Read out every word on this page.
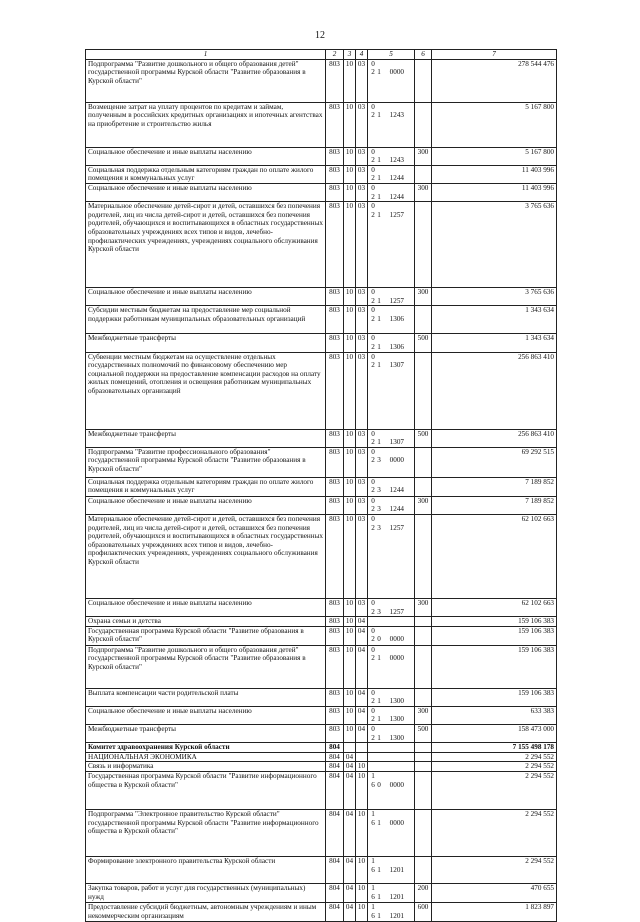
12
1	2	3	4	5	6	7
Подпрограмма "Развитие дошкольного и общего образования детей" государственной программы Курской области "Развитие образования в Курской области"	803	10	03	02 1 0000		278 544 476
Возмещение затрат на уплату процентов по кредитам и займам, полученным в российских кредитных организациях и ипотечных агентствах на приобретение и строительство жилья	803	10	03	02 1 1243		5 167 800
Социальное обеспечение и иные выплаты населению	803	10	03	02 1 1243	300	5 167 800
Социальная поддержка отдельным категориям граждан по оплате жилого помещения и коммунальных услуг	803	10	03	02 1 1244		11 403 996
Социальное обеспечение и иные выплаты населению	803	10	03	02 1 1244	300	11 403 996
Материальное обеспечение детей-сирот и детей, оставшихся без попечения родителей, лиц из числа детей-сирот и детей, оставшихся без попечения родителей, обучающихся и воспитывающихся в областных государственных образовательных учреждениях всех типов и видов, лечебно-профилактических учреждениях, учреждениях социального обслуживания Курской области	803	10	03	02 1 1257		3 765 636
Социальное обеспечение и иные выплаты населению	803	10	03	02 1 1257	300	3 765 636
Субсидии местным бюджетам на предоставление мер социальной поддержки работникам муниципальных образовательных организаций	803	10	03	02 1 1306		1 343 634
Межбюджетные трансферты	803	10	03	02 1 1306	500	1 343 634
Субвенции местным бюджетам на осуществление отдельных государственных полномочий по финансовому обеспечению мер социальной поддержки на предоставление компенсации расходов на оплату жилых помещений, отопления и освещения работникам муниципальных образовательных организаций	803	10	03	02 1 1307		256 863 410
Межбюджетные трансферты	803	10	03	02 1 1307	500	256 863 410
Подпрограмма "Развитие профессионального образования" государственной программы Курской области "Развитие образования в Курской области"	803	10	03	02 3 0000		69 292 515
Социальная поддержка отдельным категориям граждан по оплате жилого помещения и коммунальных услуг	803	10	03	02 3 1244		7 189 852
Социальное обеспечение и иные выплаты населению	803	10	03	02 3 1244	300	7 189 852
Материальное обеспечение детей-сирот и детей, оставшихся без попечения родителей, лиц из числа детей-сирот и детей, оставшихся без попечения родителей, обучающихся и воспитывающихся в областных государственных образовательных учреждениях всех типов и видов, лечебно-профилактических учреждениях, учреждениях социального обслуживания Курской области	803	10	03	02 3 1257		62 102 663
Социальное обеспечение и иные выплаты населению	803	10	03	02 3 1257	300	62 102 663
Охрана семьи и детства	803	10	04			159 106 383
Государственная программа Курской области "Развитие образования в Курской области"	803	10	04	02 0 0000		159 106 383
Подпрограмма "Развитие дошкольного и общего образования детей" государственной программы Курской области "Развитие образования в Курской области"	803	10	04	02 1 0000		159 106 383
Выплата компенсации части родительской платы	803	10	04	02 1 1300		159 106 383
Социальное обеспечение и иные выплаты населению	803	10	04	02 1 1300	300	633 383
Межбюджетные трансферты	803	10	04	02 1 1300	500	158 473 000
Комитет здравоохранения Курской области	804					7 155 498 178
НАЦИОНАЛЬНАЯ ЭКОНОМИКА	804	04				2 294 552
Связь и информатика	804	04	10			2 294 552
Государственная программа Курской области "Развитие информационного общества в Курской области"	804	04	10	16 0 0000		2 294 552
Подпрограмма "Электронное правительство Курской области" государственной программы Курской области "Развитие информационного общества в Курской области"	804	04	10	16 1 0000		2 294 552
Формирование электронного правительства Курской области	804	04	10	16 1 1201		2 294 552
Закупка товаров, работ и услуг для государственных (муниципальных) нужд	804	04	10	16 1 1201	200	470 655
Предоставление субсидий бюджетным, автономным учреждениям и иным некоммерческим организациям	804	04	10	16 1 1201	600	1 823 897
